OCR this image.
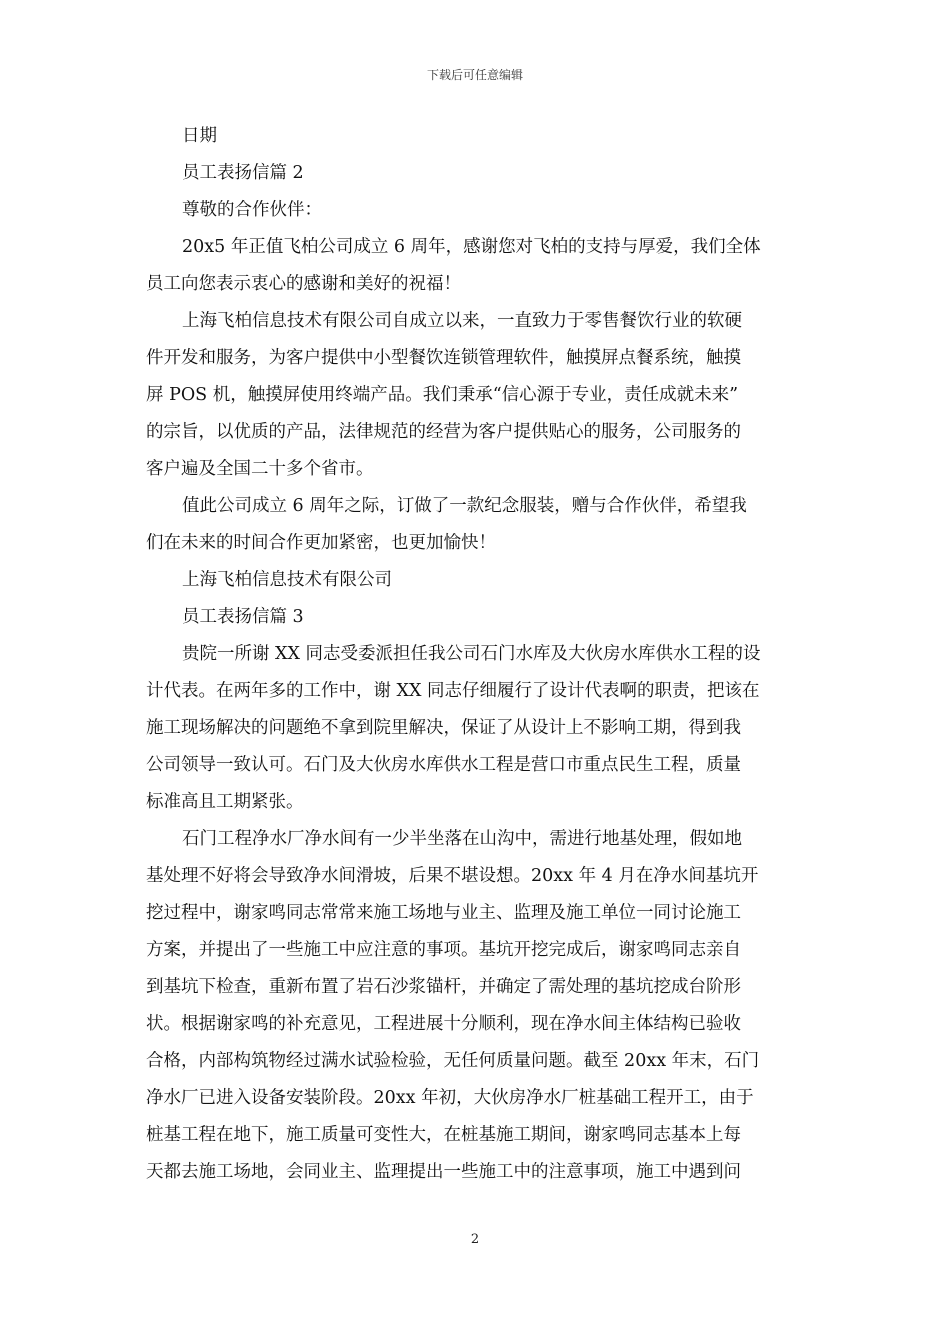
下载后可任意编辑

日期

员工表扬信篇 2

尊敬的合作伙伴：

20x5 年正值飞柏公司成立 6 周年，感谢您对飞柏的支持与厚爱，我们全体

员工向您表示衷心的感谢和美好的祝福！

上海飞柏信息技术有限公司自成立以来，一直致力于零售餐饮行业的软硬

件开发和服务，为客户提供中小型餐饮连锁管理软件，触摸屏点餐系统，触摸

屏 POS 机，触摸屏使用终端产品。我们秉承“信心源于专业，责任成就未来”

的宗旨，以优质的产品，法律规范的经营为客户提供贴心的服务，公司服务的

客户遍及全国二十多个省市。

值此公司成立 6 周年之际，订做了一款纪念服装，赠与合作伙伴，希望我

们在未来的时间合作更加紧密，也更加愉快！

上海飞柏信息技术有限公司

员工表扬信篇 3

贵院一所谢 XX 同志受委派担任我公司石门水库及大伙房水库供水工程的设

计代表。在两年多的工作中，谢 XX 同志仔细履行了设计代表啊的职责，把该在

施工现场解决的问题绝不拿到院里解决，保证了从设计上不影响工期，得到我

公司领导一致认可。石门及大伙房水库供水工程是营口市重点民生工程，质量

标准高且工期紧张。

石门工程净水厂净水间有一少半坐落在山沟中，需进行地基处理，假如地

基处理不好将会导致净水间滑坡，后果不堪设想。20xx 年 4 月在净水间基坑开

挖过程中，谢家鸣同志常常来施工场地与业主、监理及施工单位一同讨论施工

方案，并提出了一些施工中应注意的事项。基坑开挖完成后，谢家鸣同志亲自

到基坑下检查，重新布置了岩石沙浆锚杆，并确定了需处理的基坑挖成台阶形

状。根据谢家鸣的补充意见，工程进展十分顺利，现在净水间主体结构已验收

合格，内部构筑物经过满水试验检验，无任何质量问题。截至 20xx 年末，石门

净水厂已进入设备安装阶段。20xx 年初，大伙房净水厂桩基础工程开工，由于

桩基工程在地下，施工质量可变性大，在桩基施工期间，谢家鸣同志基本上每

天都去施工场地，会同业主、监理提出一些施工中的注意事项，施工中遇到问

2
